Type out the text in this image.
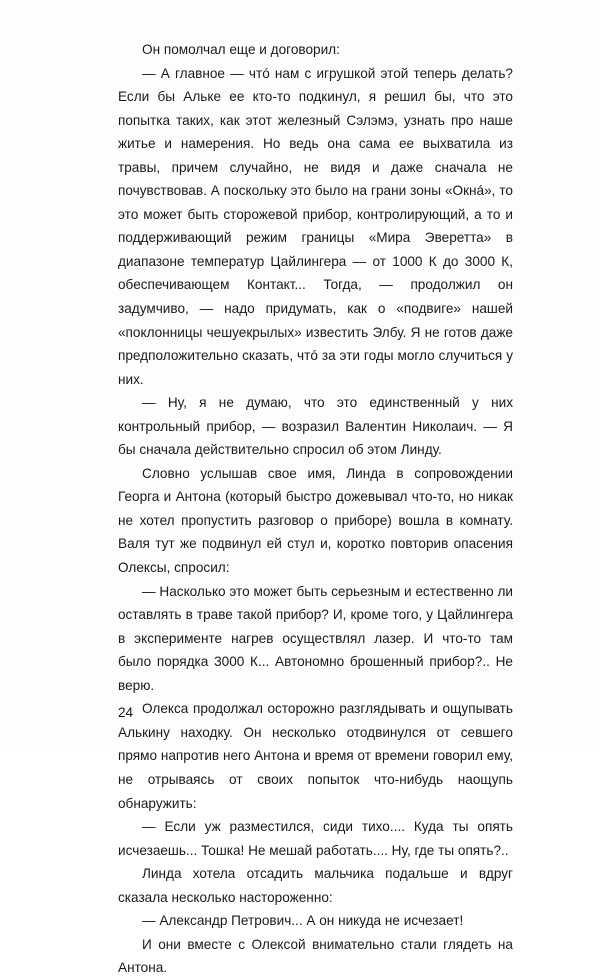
Он помолчал еще и договорил:

— А главное — чтó нам с игрушкой этой теперь делать? Если бы Альке ее кто-то подкинул, я решил бы, что это попытка таких, как этот железный Сэлэмэ, узнать про наше житье и намерения. Но ведь она сама ее выхватила из травы, причем случайно, не видя и даже сначала не почувствовав. А поскольку это было на грани зоны «Окнá», то это может быть сторожевой прибор, контролирующий, а то и поддерживающий режим границы «Мира Эверетта» в диапазоне температур Цайлингера — от 1000 К до 3000 К, обеспечивающем Контакт... Тогда, — продолжил он задумчиво, — надо придумать, как о «подвиге» нашей «поклонницы чешуекрылых» известить Элбу. Я не готов даже предположительно сказать, чтó за эти годы могло случиться у них.

— Ну, я не думаю, что это единственный у них контрольный прибор, — возразил Валентин Николаич. — Я бы сначала действительно спросил об этом Линду.

Словно услышав свое имя, Линда в сопровождении Георга и Антона (который быстро дожевывал что-то, но никак не хотел пропустить разговор о приборе) вошла в комнату. Валя тут же подвинул ей стул и, коротко повторив опасения Олексы, спросил:

— Насколько это может быть серьезным и естественно ли оставлять в траве такой прибор? И, кроме того, у Цайлингера в эксперименте нагрев осуществлял лазер. И что-то там было порядка 3000 К... Автономно брошенный прибор?.. Не верю.

Олекса продолжал осторожно разглядывать и ощупывать Алькину находку. Он несколько отодвинулся от севшего прямо напротив него Антона и время от времени говорил ему, не отрываясь от своих попыток что-нибудь наощупь обнаружить:

— Если уж разместился, сиди тихо.... Куда ты опять исчезаешь... Тошка! Не мешай работать.... Ну, где ты опять?..

Линда хотела отсадить мальчика подальше и вдруг сказала несколько настороженно:

— Александр Петрович... А он никуда не исчезает!

И они вместе с Олексой внимательно стали глядеть на Антона.

24
